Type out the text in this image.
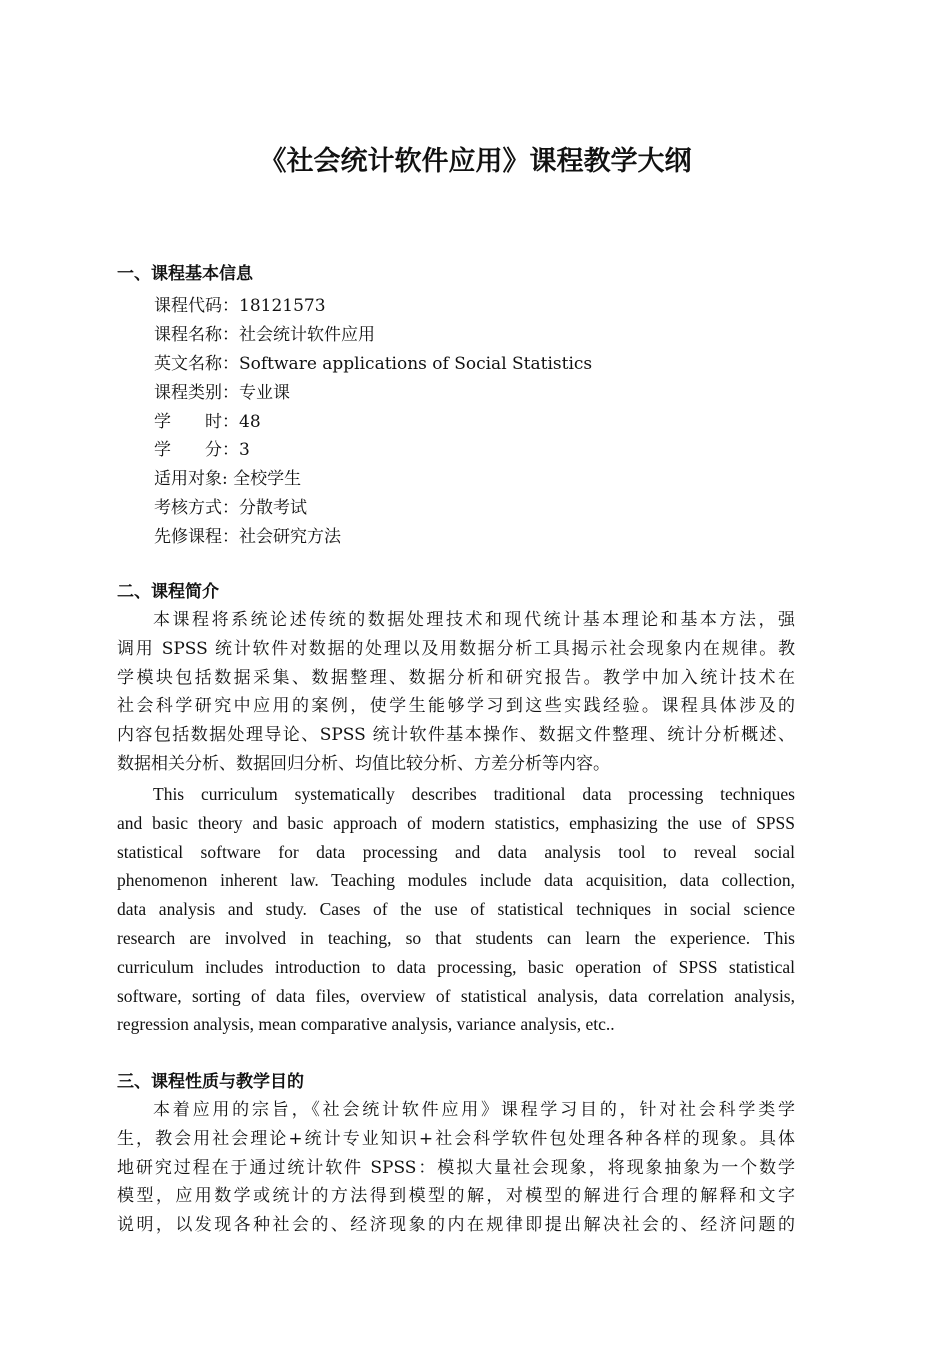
《社会统计软件应用》课程教学大纲
一、课程基本信息
课程代码：18121573
课程名称：社会统计软件应用
英文名称：Software applications of Social Statistics
课程类别：专业课
学　　时：48
学　　分：3
适用对象: 全校学生
考核方式：分散考试
先修课程：社会研究方法
二、课程简介
本课程将系统论述传统的数据处理技术和现代统计基本理论和基本方法，强
调用 SPSS 统计软件对数据的处理以及用数据分析工具揭示社会现象内在规律。教
学模块包括数据采集、数据整理、数据分析和研究报告。教学中加入统计技术在
社会科学研究中应用的案例，使学生能够学习到这些实践经验。课程具体涉及的
内容包括数据处理导论、SPSS 统计软件基本操作、数据文件整理、统计分析概述、
数据相关分析、数据回归分析、均值比较分析、方差分析等内容。
This curriculum systematically describes traditional data processing techniques
and basic theory and basic approach of modern statistics, emphasizing the use of SPSS
statistical software for data processing and data analysis tool to reveal social
phenomenon inherent law. Teaching modules include data acquisition, data collection,
data analysis and study. Cases of the use of statistical techniques in social science
research are involved in teaching, so that students can learn the experience. This
curriculum includes introduction to data processing, basic operation of SPSS statistical
software, sorting of data files, overview of statistical analysis, data correlation analysis,
regression analysis, mean comparative analysis, variance analysis, etc..
三、课程性质与教学目的
本着应用的宗旨，《社会统计软件应用》课程学习目的，针对社会科学类学
生，教会用社会理论+统计专业知识+社会科学软件包处理各种各样的现象。具体
地研究过程在于通过统计软件 SPSS：模拟大量社会现象，将现象抽象为一个数学
模型，应用数学或统计的方法得到模型的解，对模型的解进行合理的解释和文字
说明，以发现各种社会的、经济现象的内在规律即提出解决社会的、经济问题的
